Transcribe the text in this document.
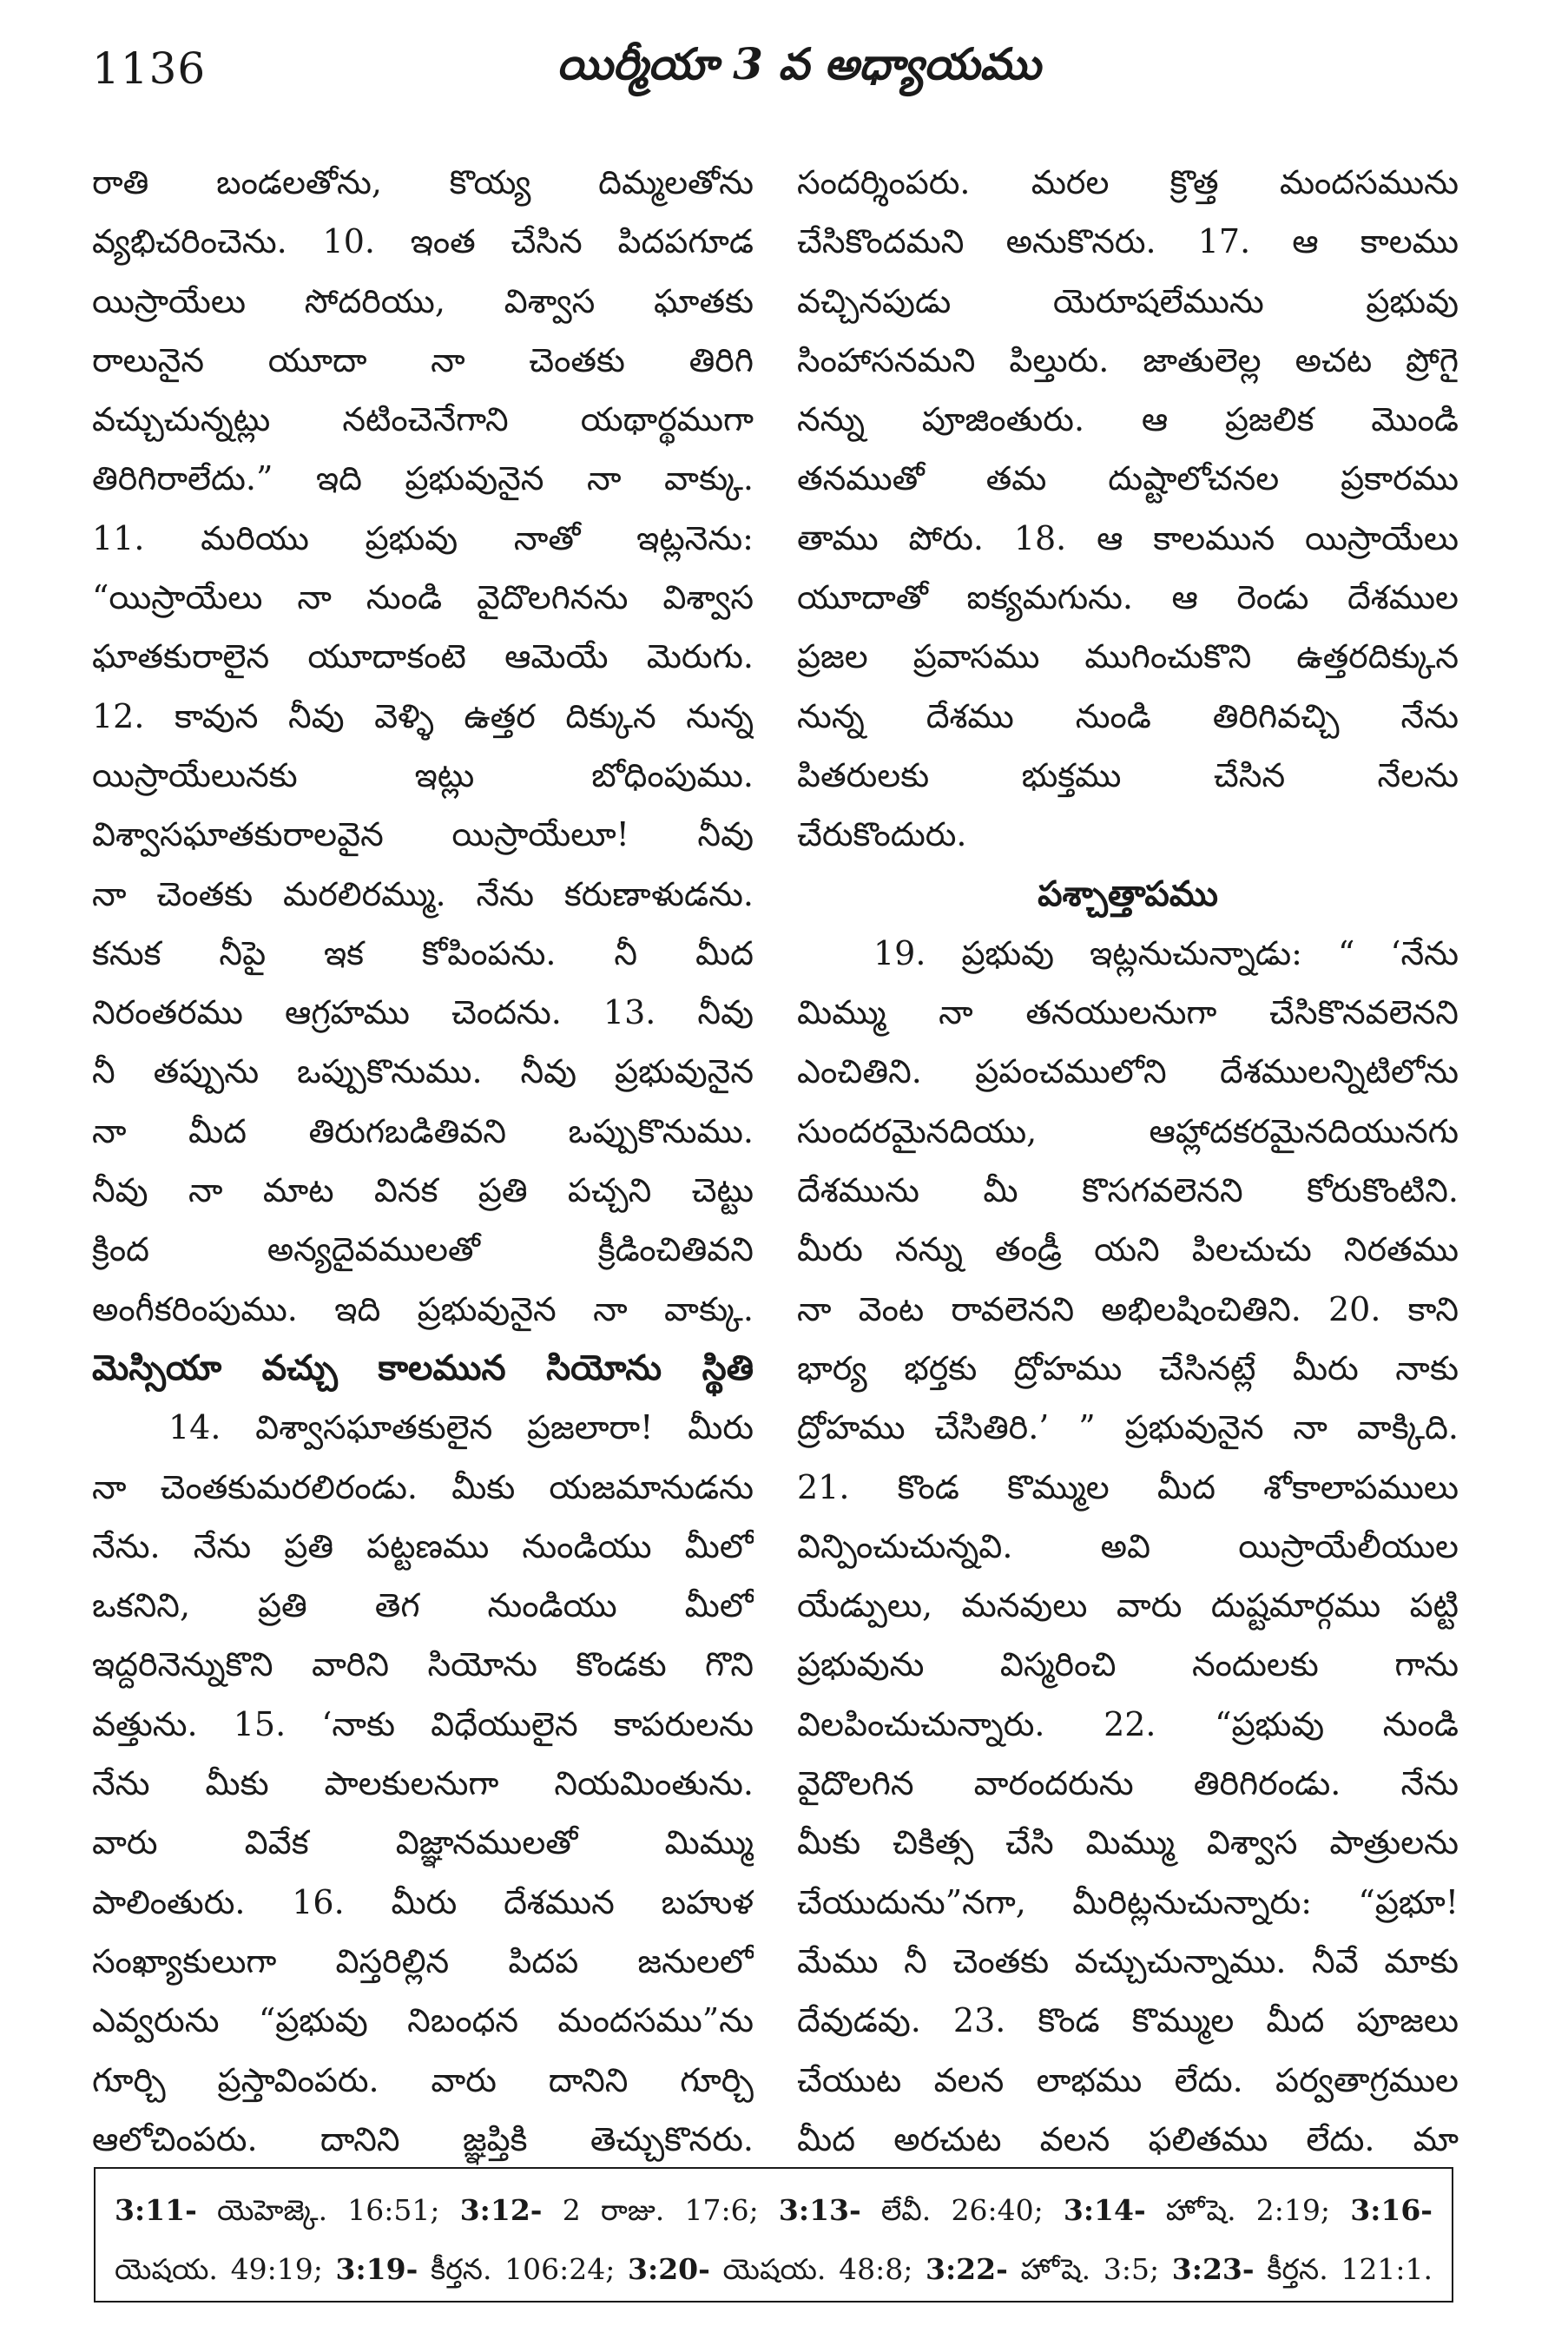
1136	యిర్మీయా 3 వ అధ్యాయము
రాతి బండలతోను, కొయ్య దిమ్మలతోను
వ్యభిచరించెను. 10. ఇంత చేసిన పిదపగూడ
యిస్రాయేలు సోదరియు, విశ్వాస ఘాతకు
రాలునైన యూదా నా చెంతకు తిరిగి
వచ్చుచున్నట్లు నటించెనేగాని యథార్థముగా
తిరిగిరాలేదు.” ఇది ప్రభువునైన నా వాక్కు.
11. మరియు ప్రభువు నాతో ఇట్లనెను:
“యిస్రాయేలు నా నుండి వైదొలగినను విశ్వాస
ఘాతకురాలైన యూదాకంటె ఆమెయే మెరుగు.
12. కావున నీవు వెళ్ళి ఉత్తర దిక్కున నున్న
యిస్రాయేలునకు ఇట్లు బోధింపుము.
విశ్వాసఘాతకురాలవైన యిస్రాయేలూ! నీవు
నా చెంతకు మరలిరమ్ము. నేను కరుణాళుడను.
కనుక నీపై ఇక కోపింపను. నీ మీద
నిరంతరము ఆగ్రహము చెందను. 13. నీవు
నీ తప్పును ఒప్పుకొనుము. నీవు ప్రభువునైన
నా మీద తిరుగబడితివని ఒప్పుకొనుము.
నీవు నా మాట వినక ప్రతి పచ్చని చెట్టు
క్రింద అన్యదైవములతో క్రీడించితివని
అంగీకరింపుము. ఇది ప్రభువునైన నా వాక్కు.
మెస్సియా వచ్చు కాలమున సియోను స్థితి
14. విశ్వాసఘాతకులైన ప్రజలారా! మీరు
నా చెంతకుమరలిరండు. మీకు యజమానుడను
నేను. నేను ప్రతి పట్టణము నుండియు మీలో
ఒకనిని, ప్రతి తెగ నుండియు మీలో
ఇద్దరినెన్నుకొని వారిని సియోను కొండకు గొని
వత్తును. 15. ‘నాకు విధేయులైన కాపరులను
నేను మీకు పాలకులనుగా నియమింతును.
వారు వివేక విజ్ఞానములతో మిమ్ము
పాలింతురు. 16. మీరు దేశమున బహుళ
సంఖ్యాకులుగా విస్తరిల్లిన పిదప జనులలో
ఎవ్వరును “ప్రభువు నిబంధన మందసము”ను
గూర్చి ప్రస్తావింపరు. వారు దానిని గూర్చి
ఆలోచింపరు. దానిని జ్ఞప్తికి తెచ్చుకొనరు.
సందర్శింపరు. మరల క్రొత్త మందసమును
చేసికొందమని అనుకొనరు. 17. ఆ కాలము
వచ్చినపుడు యెరూషలేమును ప్రభువు
సింహాసనమని పిల్తురు. జాతులెల్ల అచట ప్రోగై
నన్ను పూజింతురు. ఆ ప్రజలిక మొండి
తనముతో తమ దుష్టాలోచనల ప్రకారము
తాము పోరు. 18. ఆ కాలమున యిస్రాయేలు
యూదాతో ఐక్యమగును. ఆ రెండు దేశముల
ప్రజల ప్రవాసము ముగించుకొని ఉత్తరదిక్కున
నున్న దేశము నుండి తిరిగివచ్చి నేను
పితరులకు భుక్తము చేసిన నేలను
చేరుకొందురు.
పశ్చాత్తాపము
19. ప్రభువు ఇట్లనుచున్నాడు: “ ‘నేను
మిమ్ము నా తనయులనుగా చేసికొనవలెనని
ఎంచితిని. ప్రపంచములోని దేశములన్నిటిలోను
సుందరమైనదియు, ఆహ్లాదకరమైనదియునగు
దేశమును మీ కొసగవలెనని కోరుకొంటిని.
మీరు నన్ను తండ్రీ యని పిలచుచు నిరతము
నా వెంట రావలెనని అభిలషించితిని. 20. కాని
భార్య భర్తకు ద్రోహము చేసినట్లే మీరు నాకు
ద్రోహము చేసితిరి.’ ” ప్రభువునైన నా వాక్కిది.
21. కొండ కొమ్ముల మీద శోకాలాపములు
విన్పించుచున్నవి. అవి యిస్రాయేలీయుల
యేడ్పులు, మనవులు వారు దుష్టమార్గము పట్టి
ప్రభువును విస్మరించి నందులకు గాను
విలపించుచున్నారు. 22. “ప్రభువు నుండి
వైదొలగిన వారందరును తిరిగిరండు. నేను
మీకు చికిత్స చేసి మిమ్ము విశ్వాస పాత్రులను
చేయుదును”నగా, మీరిట్లనుచున్నారు: “ప్రభూ!
మేము నీ చెంతకు వచ్చుచున్నాము. నీవే మాకు
దేవుడవు. 23. కొండ కొమ్ముల మీద పూజలు
చేయుట వలన లాభము లేదు. పర్వతాగ్రముల
మీద అరచుట వలన ఫలితము లేదు. మా
3:11- యెహెజ్కె. 16:51; 3:12- 2 రాజు. 17:6; 3:13- లేవీ. 26:40; 3:14- హోషె. 2:19; 3:16-
యెషయ. 49:19; 3:19- కీర్తన. 106:24; 3:20- యెషయ. 48:8; 3:22- హోషె. 3:5; 3:23- కీర్తన. 121:1.
